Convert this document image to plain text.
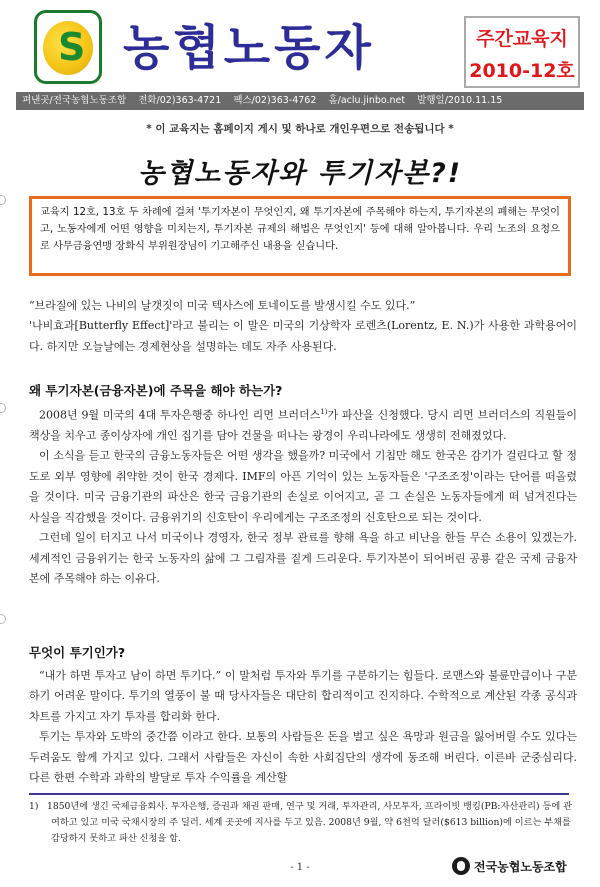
S 농협노동자	주간교육지
2010-12호
펴낸곳/전국농협노동조합 전화/02)363-4721 팩스/02)363-4762 홈/aclu.jinbo.net 발행일/2010.11.15
* 이 교육지는 홈페이지 게시 및 하나로 개인우편으로 전송됩니다 *
농협노동자와 투기자본?!
교육지 12호, 13호 두 차례에 걸쳐 '투기자본이 무엇인지, 왜 투기자본에 주목해야 하는지, 투기자본의 폐해는 무엇이고, 노동자에게 어떤 영향을 미치는지, 투기자본 규제의 해법은 무엇인지' 등에 대해 알아봅니다. 우리 노조의 요청으로 사무금융연맹 장화식 부위원장님이 기고해주신 내용을 싣습니다.

“브라질에 있는 나비의 날갯짓이 미국 텍사스에 토네이도를 발생시킬 수도 있다.”

'나비효과[Butterfly Effect]'라고 불리는 이 말은 미국의 기상학자 로렌츠(Lorentz, E. N.)가 사용한 과학용어이다. 하지만 오늘날에는 경제현상을 설명하는 데도 자주 사용된다.

왜 투기자본(금융자본)에 주목을 해야 하는가?

2008년 9월 미국의 4대 투자은행중 하나인 리먼 브러더스$^{1)}$가 파산을 신청했다. 당시 리먼 브러더스의 직원들이 책상을 치우고 종이상자에 개인 집기를 담아 건물을 떠나는 광경이 우리나라에도 생생히 전해졌었다.

이 소식을 듣고 한국의 금융노동자들은 어떤 생각을 했을까? 미국에서 기침만 해도 한국은 감기가 걸린다고 할 정도로 외부 영향에 취약한 것이 한국 경제다. IMF의 아픈 기억이 있는 노동자들은 '구조조정'이라는 단어를 떠올렸을 것이다. 미국 금융기관의 파산은 한국 금융기관의 손실로 이어지고, 곧 그 손실은 노동자들에게 떠 넘겨진다는 사실을 직감했을 것이다. 금융위기의 신호탄이 우리에게는 구조조정의 신호탄으로 되는 것이다.

그런데 일이 터지고 나서 미국이나 경영자, 한국 정부 관료를 향해 욕을 하고 비난을 한들 무슨 소용이 있겠는가. 세계적인 금융위기는 한국 노동자의 삶에 그 그림자를 짙게 드리운다. 투기자본이 되어버린 공룡 같은 국제 금융자본에 주목해야 하는 이유다.

무엇이 투기인가?

“내가 하면 투자고 남이 하면 투기다.” 이 말처럼 투자와 투기를 구분하기는 힘들다. 로맨스와 불륜만큼이나 구분하기 어려운 말이다. 투기의 열풍이 불 때 당사자들은 대단히 합리적이고 진지하다. 수학적으로 계산된 각종 공식과 차트를 가지고 자기 투자를 합리화 한다.

투기는 투자와 도박의 중간쯤 이라고 한다. 보통의 사람들은 돈을 벌고 싶은 욕망과 원금을 잃어버릴 수도 있다는 두려움도 함께 가지고 있다. 그래서 사람들은 자신이 속한 사회집단의 생각에 동조해 버린다. 이른바 군중심리다. 다른 한편 수학과 과학의 발달로 투자 수익률을 계산할

1) 1850년에 생긴 국제금융회사. 투자은행, 증권과 채권 판매, 연구 및 거래, 투자관리, 사모투자, 프라이빗 뱅킹(PB:자산관리) 등에 관여하고 있고 미국 국채시장의 주 딜러. 세계 곳곳에 지사를 두고 있음. 2008년 9월, 약 6천억 달러($613 billion)에 이르는 부채를 감당하지 못하고 파산 신청을 함.
- 1 -	전국농협노동조합
